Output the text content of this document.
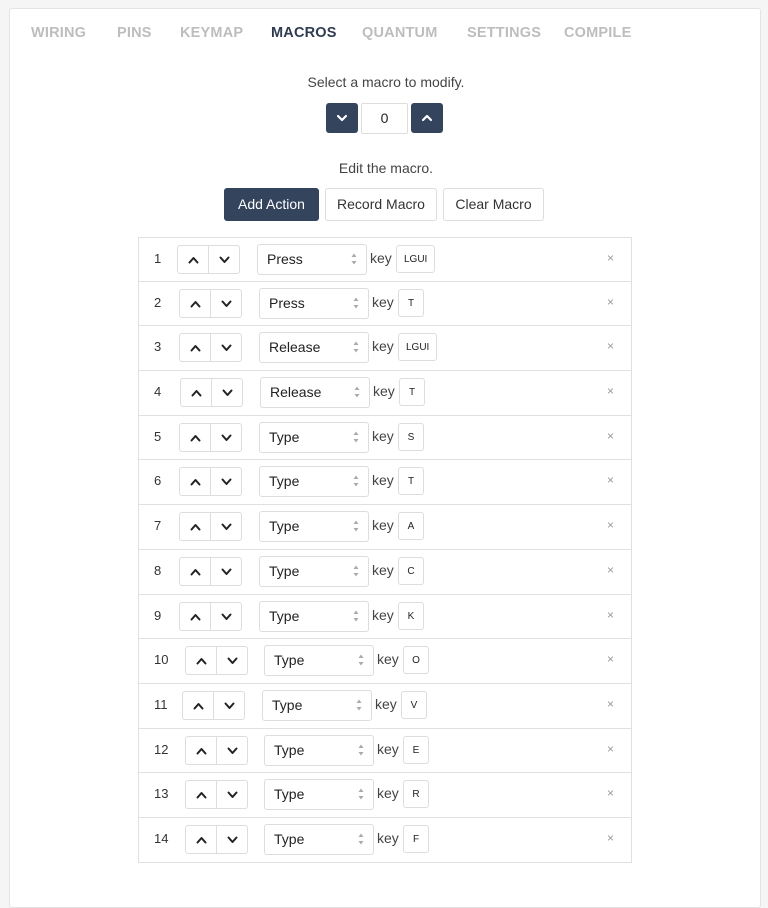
WIRING PINS KEYMAP MACROS QUANTUM SETTINGS COMPILE
Select a macro to modify.
0
Edit the macro.
Add Action	Record Macro	Clear Macro
1	Press	key	LGUI	×
2	Press	key	T	×
3	Release	key	LGUI	×
4	Release	key	T	×
5	Type	key	S	×
6	Type	key	T	×
7	Type	key	A	×
8	Type	key	C	×
9	Type	key	K	×
10	Type	key	O	×
11	Type	key	V	×
12	Type	key	E	×
13	Type	key	R	×
14	Type	key	F	×
